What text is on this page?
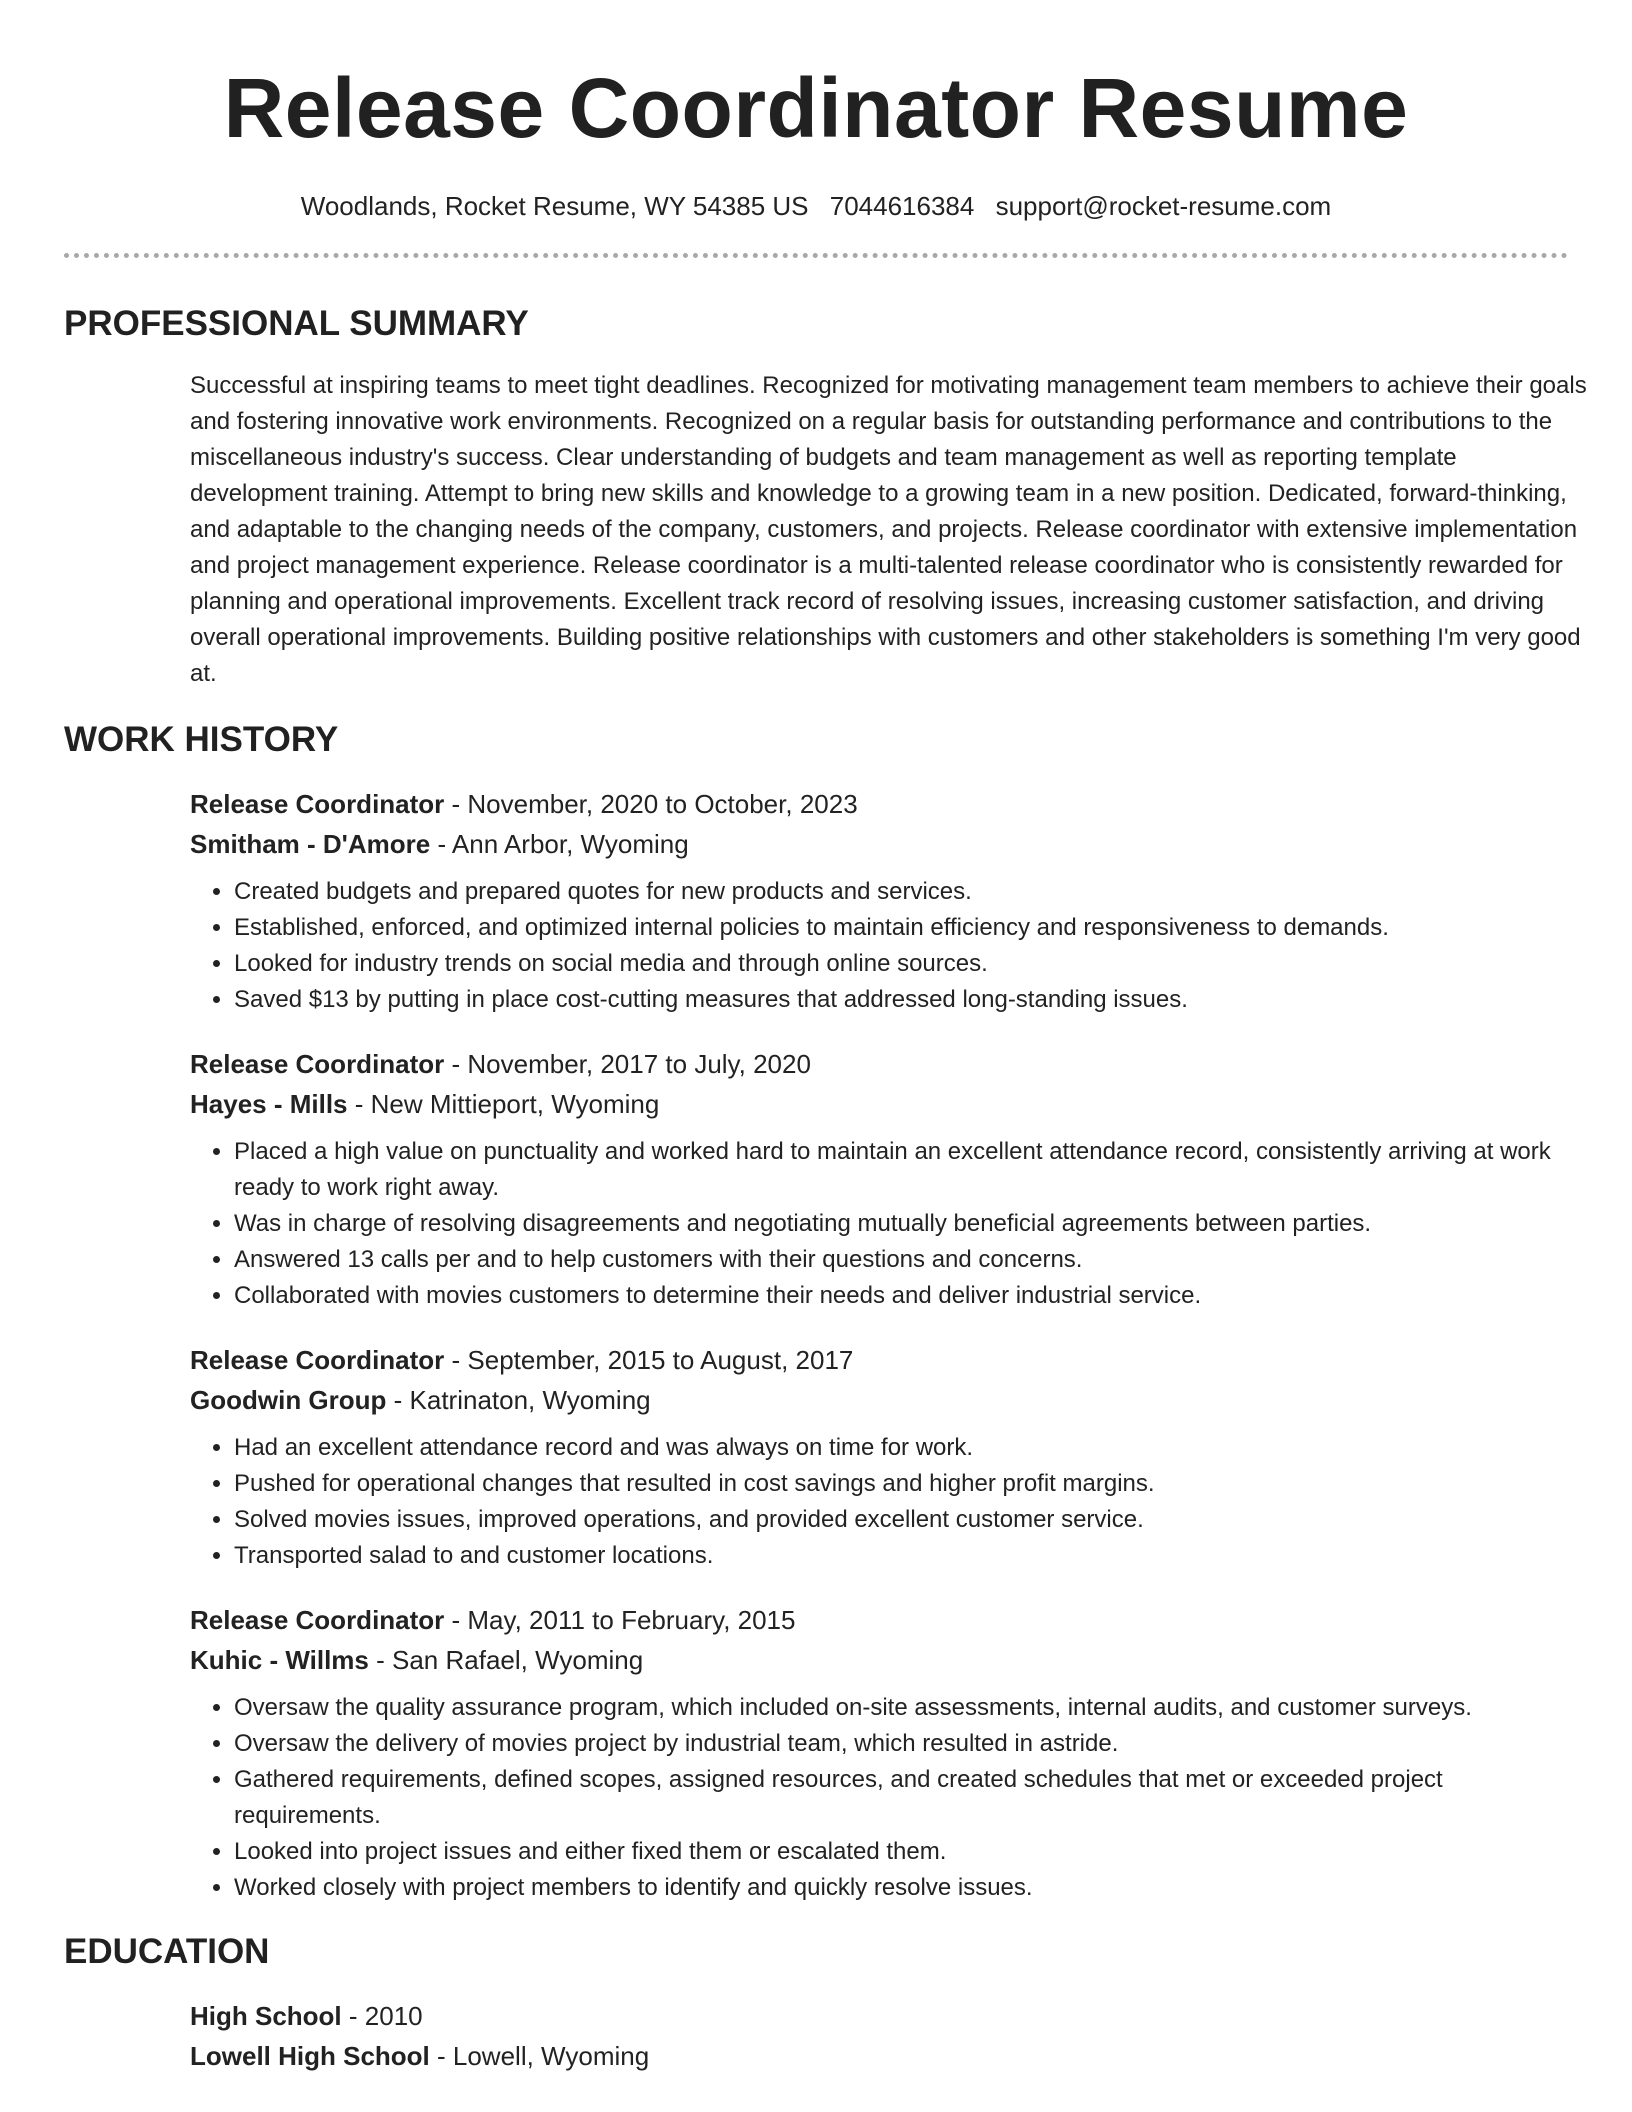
Release Coordinator Resume
Woodlands, Rocket Resume, WY 54385 US 7044616384 support@rocket-resume.com
PROFESSIONAL SUMMARY

Successful at inspiring teams to meet tight deadlines. Recognized for motivating management team members to achieve their goals and fostering innovative work environments. Recognized on a regular basis for outstanding performance and contributions to the miscellaneous industry's success. Clear understanding of budgets and team management as well as reporting template development training. Attempt to bring new skills and knowledge to a growing team in a new position. Dedicated, forward-thinking, and adaptable to the changing needs of the company, customers, and projects. Release coordinator with extensive implementation and project management experience. Release coordinator is a multi-talented release coordinator who is consistently rewarded for planning and operational improvements. Excellent track record of resolving issues, increasing customer satisfaction, and driving overall operational improvements. Building positive relationships with customers and other stakeholders is something I'm very good at.

WORK HISTORY
Release Coordinator - November, 2020 to October, 2023
Smitham - D'Amore - Ann Arbor, Wyoming
• Created budgets and prepared quotes for new products and services.
• Established, enforced, and optimized internal policies to maintain efficiency and responsiveness to demands.
• Looked for industry trends on social media and through online sources.
• Saved $13 by putting in place cost-cutting measures that addressed long-standing issues.
Release Coordinator - November, 2017 to July, 2020
Hayes - Mills - New Mittieport, Wyoming
• Placed a high value on punctuality and worked hard to maintain an excellent attendance record, consistently arriving at work ready to work right away.
• Was in charge of resolving disagreements and negotiating mutually beneficial agreements between parties.
• Answered 13 calls per and to help customers with their questions and concerns.
• Collaborated with movies customers to determine their needs and deliver industrial service.
Release Coordinator - September, 2015 to August, 2017
Goodwin Group - Katrinaton, Wyoming
• Had an excellent attendance record and was always on time for work.
• Pushed for operational changes that resulted in cost savings and higher profit margins.
• Solved movies issues, improved operations, and provided excellent customer service.
• Transported salad to and customer locations.
Release Coordinator - May, 2011 to February, 2015
Kuhic - Willms - San Rafael, Wyoming
• Oversaw the quality assurance program, which included on-site assessments, internal audits, and customer surveys.
• Oversaw the delivery of movies project by industrial team, which resulted in astride.
• Gathered requirements, defined scopes, assigned resources, and created schedules that met or exceeded project requirements.
• Looked into project issues and either fixed them or escalated them.
• Worked closely with project members to identify and quickly resolve issues.
EDUCATION
High School - 2010
Lowell High School - Lowell, Wyoming
